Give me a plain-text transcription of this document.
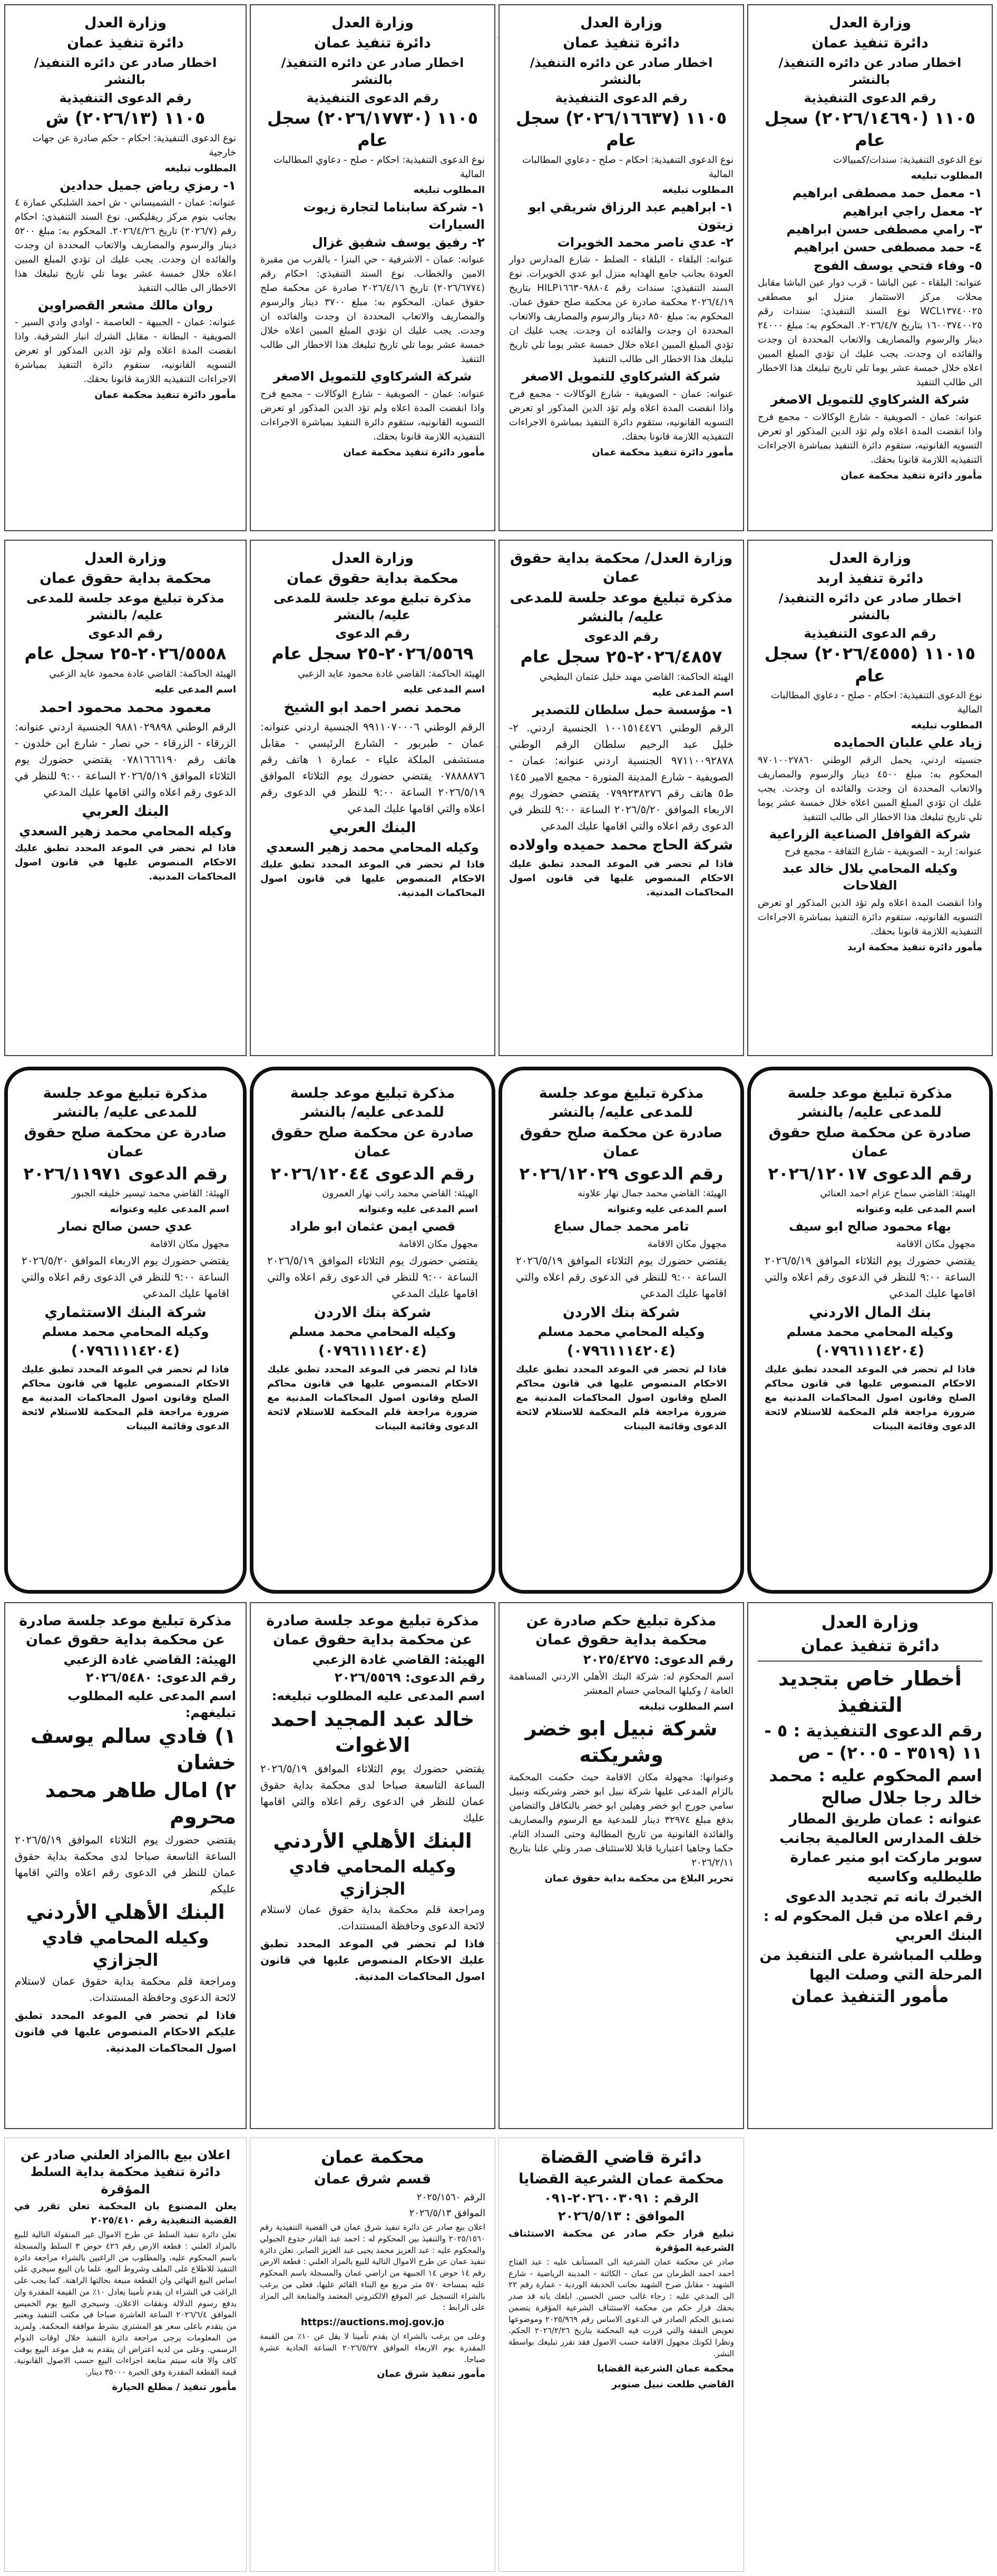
وزارة العدل
دائرة تنفيذ عمان
اخطار صادر عن دائره التنفيذ/ بالنشر
رقم الدعوى التنفيذية
١١٠٥ (٢٠٢٦/١٤٦٩٠) سجل عام
نوع الدعوى التنفيذية: سندات/كمبيالات
المطلوب تبليغه
١- معمل حمد مصطفى ابراهيم
٢- معمل راجي ابراهيم
٣- رامي مصطفى حسن ابراهيم
٤- حمد مصطفى حسن ابراهيم
٥- وفاء فتحي يوسف الفوج
عنوانه: البلقاء - عين الباشا - قرب دوار عين الباشا مقابل محلات مركز الاستثمار منزل ابو مصطفى WCL١٣٧٤٠٠٢٥ نوع السند التنفيذي: سندات رقم ١٦٠٠٣٧٤٠٠٢٥ بتاريخ ٢٠٢٦/٤/٧. المحكوم به: مبلغ ٢٤٠٠٠ دينار والرسوم والمصاريف والاتعاب المحددة ان وجدت والفائده ان وجدت. يجب عليك ان تؤدي المبلغ المبين اعلاه خلال خمسة عشر يوما تلي تاريخ تبليغك هذا الاخطار الى طالب التنفيذ
شركة الشركاوي للتمويل الاصغر
عنوانه: عمان - الصويفية - شارع الوكالات - مجمع فرح واذا انقضت المدة اعلاه ولم تؤد الدين المذكور او تعرض التسويه القانونيه، ستقوم دائرة التنفيذ بمباشرة الاجراءات التنفيذيه اللازمة قانونا بحقك.
مأمور دائرة تنفيذ محكمة عمان
وزارة العدل
دائرة تنفيذ عمان
اخطار صادر عن دائره التنفيذ/ بالنشر
رقم الدعوى التنفيذية
١١٠٥ (٢٠٢٦/١٦٦٣٧) سجل عام
نوع الدعوى التنفيذية: احكام - صلح - دعاوي المطالبات المالية
المطلوب تبليغه
١- ابراهيم عبد الرزاق شريقي ابو زيتون
٢- عدي ناصر محمد الخويرات
عنوانه: البلقاء - البلقاء - الصلط - شارع المدارس دوار العودة بجانب جامع الهدايه منزل ابو عدي الخويرات. نوع السند التنفيذي: سندات رقم HILP١٦٦٣٠٩٨٨٠٤ بتاريخ ٢٠٢٦/٤/١٩ محكمة صادرة عن محكمة صلح حقوق عمان. المحكوم به: مبلغ ٨٥٠ دينار والرسوم والمصاريف والاتعاب المحددة ان وجدت والفائده ان وجدت. يجب عليك ان تؤدي المبلغ المبين اعلاه خلال خمسة عشر يوما تلي تاريخ تبليغك هذا الاخطار الى طالب التنفيذ
شركة الشركاوي للتمويل الاصغر
عنوانه: عمان - الصويفية - شارع الوكالات - مجمع فرح واذا انقضت المدة اعلاه ولم تؤد الدين المذكور او تعرض التسويه القانونيه، ستقوم دائرة التنفيذ بمباشرة الاجراءات التنفيذيه اللازمة قانونا بحقك.
مأمور دائرة تنفيذ محكمة عمان
وزارة العدل
دائرة تنفيذ عمان
اخطار صادر عن دائره التنفيذ/ بالنشر
رقم الدعوى التنفيذية
١١٠٥ (٢٠٢٦/١٧٧٣٠) سجل عام
نوع الدعوى التنفيذية: احكام - صلح - دعاوي المطالبات المالية
المطلوب تبليغه
١- شركة سابناما لتجارة زيوت السيارات
٢- رفيق يوسف شفيق غزال
عنوانه: عمان - الاشرفية - حي البنزا - بالقرب من مقبرة الامين والخطاب. نوع السند التنفيذي: احكام رقم (٢٠٢٦/٦٧٧٤) تاريخ ٢٠٢٦/٤/١٦ صادرة عن محكمة صلح حقوق عمان. المحكوم به: مبلغ ٣٧٠٠ دينار والرسوم والمصاريف والاتعاب المحددة ان وجدت والفائده ان وجدت. يجب عليك ان تؤدي المبلغ المبين اعلاه خلال خمسة عشر يوما تلي تاريخ تبليغك هذا الاخطار الى طالب التنفيذ
شركة الشركاوي للتمويل الاصغر
عنوانه: عمان - الصويفية - شارع الوكالات - مجمع فرح واذا انقضت المدة اعلاه ولم تؤد الدين المذكور او تعرض التسويه القانونيه، ستقوم دائرة التنفيذ بمباشرة الاجراءات التنفيذيه اللازمة قانونا بحقك.
مأمور دائرة تنفيذ محكمة عمان
وزارة العدل
دائرة تنفيذ عمان
اخطار صادر عن دائره التنفيذ/ بالنشر
رقم الدعوى التنفيذية
١١٠٥ (٢٠٢٦/١٣) ش
نوع الدعوى التنفيذية: احكام - حكم صادرة عن جهات خارجية
المطلوب تبليغه
١- رمزي رياض جميل حدادين
عنوانه: عمان - الشميساني - ش احمد الشلبكي عمارة ٤ بجانب بنوم مركز ريفليكس. نوع السند التنفيذي: احكام رقم (٢٠٢٦/٧) تاريخ ٢٠٢٦/٤/٢٦. المحكوم به: مبلغ ٥٢٠٠ دينار والرسوم والمصاريف والاتعاب المحددة ان وجدت والفائده ان وجدت. يجب عليك ان تؤدي المبلغ المبين اعلاه خلال خمسة عشر يوما تلي تاريخ تبليغك هذا الاخطار الى طالب التنفيذ
روان مالك مشعر القصراوين
عنوانه: عمان - الجبيهة - العاصمة - اوادي وادي السير - الصويفية - البطانة - مقابل الشرك انبار الشرقية. واذا انقضت المدة اعلاه ولم تؤد الدين المذكور او تعرض التسويه القانونيه، ستقوم دائرة التنفيذ بمباشرة الاجراءات التنفيذيه اللازمة قانونا بحقك.
مأمور دائرة تنفيذ محكمة عمان
وزارة العدل
دائرة تنفيذ اربد
اخطار صادر عن دائره التنفيذ/ بالنشر
رقم الدعوى التنفيذية
١١٠١٥ (٢٠٢٦/٤٥٥٥) سجل عام
نوع الدعوى التنفيذية: احكام - صلح - دعاوي المطالبات المالية
المطلوب تبليغه
زياد علي علبان الحمايده
جنسيته اردني، يحمل الرقم الوطني ٩٧٠١٠٠٢٧٨٦٠ المحكوم به: مبلغ ٤٥٠٠ دينار والرسوم والمصاريف والاتعاب المحددة ان وجدت والفائده ان وجدت. يجب عليك ان تؤدي المبلغ المبين اعلاه خلال خمسة عشر يوما تلي تاريخ تبليغك هذا الاخطار الى طالب التنفيذ
شركة القوافل الصناعية الزراعية
عنوانه: اربد - الصويفية - شارع الثقافة - مجمع فرح
وكيله المحامي بلال خالد عبد الفلاحات
واذا انقضت المدة اعلاه ولم تؤد الدين المذكور او تعرض التسويه القانونيه، ستقوم دائرة التنفيذ بمباشرة الاجراءات التنفيذيه اللازمة قانونا بحقك.
مأمور دائرة تنفيذ محكمة اربد
وزارة العدل/ محكمة بداية حقوق عمان
مذكرة تبليغ موعد جلسة للمدعى عليه/ بالنشر
رقم الدعوى
٢٠٢٦/٤٨٥٧-٢٥ سجل عام
الهيئة الحاكمة: القاضي مهند خليل عثمان البطيخي
اسم المدعى عليه
١- مؤسسة حمل سلطان للتصدير
الرقم الوطني ١٠٠١٥١٤٤٧٦ الجنسية اردني. ٢- خليل عبد الرحيم سلطان الرقم الوطني ٩٧١١٠٠٩٢٨٧٨ الجنسية اردني عنوانه: عمان - الصويفية - شارع المدينة المنورة - مجمع الامير ١٤٥ ط٥ هاتف رقم ٠٧٩٩٢٣٨٢٧٦ يقتضي حضورك يوم الاربعاء الموافق ٢٠٢٦/٥/٢٠ الساعة ٩:٠٠ للنظر في الدعوى رقم اعلاه والتي اقامها عليك المدعي
شركة الحاج محمد حميده واولاده
فاذا لم تحضر في الموعد المحدد تطبق عليك الاحكام المنصوص عليها في قانون اصول المحاكمات المدنية.
وزارة العدل
محكمة بداية حقوق عمان
مذكرة تبليغ موعد جلسة للمدعى عليه/ بالنشر
رقم الدعوى
٢٠٢٦/٥٥٦٩-٢٥ سجل عام
الهيئة الحاكمة: القاضي غادة محمود عايد الزعبي
اسم المدعى عليه
محمد نصر احمد ابو الشيخ
الرقم الوطني ٩٩١١٠٧٠٠٠٦ الجنسية اردني عنوانه: عمان - طبربور - الشارع الرئيسي - مقابل مستشفى الملكة علياء - عمارة ١ هاتف رقم ٠٧٨٨٨٨٧٦ يقتضي حضورك يوم الثلاثاء الموافق ٢٠٢٦/٥/١٩ الساعة ٩:٠٠ للنظر في الدعوى رقم اعلاه والتي اقامها عليك المدعي
البنك العربي
وكيله المحامي محمد زهير السعدي
فاذا لم تحضر في الموعد المحدد تطبق عليك الاحكام المنصوص عليها في قانون اصول المحاكمات المدنية.
وزارة العدل
محكمة بداية حقوق عمان
مذكرة تبليغ موعد جلسة للمدعى عليه/ بالنشر
رقم الدعوى
٢٠٢٦/٥٥٥٨-٢٥ سجل عام
الهيئة الحاكمة: القاضي غادة محمود عايد الزعبي
اسم المدعى عليه
معمود محمد محمود احمد
الرقم الوطني ٩٨٨١٠٢٩٨٩٨ الجنسية اردني عنوانه: الزرقاء - الزرقاء - حي نصار - شارع ابن خلدون - هاتف رقم ٠٧٨١٦٦٦١٩٠ يقتضي حضورك يوم الثلاثاء الموافق ٢٠٢٦/٥/١٩ الساعة ٩:٠٠ للنظر في الدعوى رقم اعلاه والتي اقامها عليك المدعي
البنك العربي
وكيله المحامي محمد زهير السعدي
فاذا لم تحضر في الموعد المحدد تطبق عليك الاحكام المنصوص عليها في قانون اصول المحاكمات المدنية.
مذكرة تبليغ موعد جلسة للمدعى عليه/ بالنشر
صادرة عن محكمة صلح حقوق عمان
رقم الدعوى ٢٠٢٦/١٢٠١٧
الهيئة: القاضي سماح عزام احمد العنائي
اسم المدعى عليه وعنوانه
بهاء محمود صالح ابو سيف
مجهول مكان الاقامة
يقتضي حضورك يوم الثلاثاء الموافق ٢٠٢٦/٥/١٩ الساعة ٩:٠٠ للنظر في الدعوى رقم اعلاه والتي اقامها عليك المدعي
بنك المال الاردني
وكيله المحامي محمد مسلم
(٠٧٩٦١١١٤٢٠٤)
فاذا لم تحضر في الموعد المحدد تطبق عليك الاحكام المنصوص عليها في قانون محاكم الصلح وقانون اصول المحاكمات المدنية مع ضرورة مراجعة قلم المحكمة للاستلام لائحة الدعوى وقائمة البينات
مذكرة تبليغ موعد جلسة للمدعى عليه/ بالنشر
صادرة عن محكمة صلح حقوق عمان
رقم الدعوى ٢٠٢٦/١٢٠٢٩
الهيئة: القاضي محمد جمال نهار علاونه
اسم المدعى عليه وعنوانه
تامر محمد جمال سباع
مجهول مكان الاقامة
يقتضي حضورك يوم الثلاثاء الموافق ٢٠٢٦/٥/١٩ الساعة ٩:٠٠ للنظر في الدعوى رقم اعلاه والتي اقامها عليك المدعي
شركة بنك الاردن
وكيله المحامي محمد مسلم
(٠٧٩٦١١١٤٢٠٤)
فاذا لم تحضر في الموعد المحدد تطبق عليك الاحكام المنصوص عليها في قانون محاكم الصلح وقانون اصول المحاكمات المدنية مع ضرورة مراجعة قلم المحكمة للاستلام لائحة الدعوى وقائمة البينات
مذكرة تبليغ موعد جلسة للمدعى عليه/ بالنشر
صادرة عن محكمة صلح حقوق عمان
رقم الدعوى ٢٠٢٦/١٢٠٤٤
الهيئة: القاضي محمد راتب نهار العمرون
اسم المدعى عليه وعنوانه
قصي ايمن عثمان ابو طراد
مجهول مكان الاقامة
يقتضي حضورك يوم الثلاثاء الموافق ٢٠٢٦/٥/١٩ الساعة ٩:٠٠ للنظر في الدعوى رقم اعلاه والتي اقامها عليك المدعي
شركة بنك الاردن
وكيله المحامي محمد مسلم
(٠٧٩٦١١١٤٢٠٤)
فاذا لم تحضر في الموعد المحدد تطبق عليك الاحكام المنصوص عليها في قانون محاكم الصلح وقانون اصول المحاكمات المدنية مع ضرورة مراجعة قلم المحكمة للاستلام لائحة الدعوى وقائمة البينات
مذكرة تبليغ موعد جلسة للمدعى عليه/ بالنشر
صادرة عن محكمة صلح حقوق عمان
رقم الدعوى ٢٠٢٦/١١٩٧١
الهيئة: القاضي محمد تيسير خليفه الجبور
اسم المدعى عليه وعنوانه
عدي حسن صالح نصار
مجهول مكان الاقامة
يقتضي حضورك يوم الاربعاء الموافق ٢٠٢٦/٥/٢٠ الساعة ٩:٠٠ للنظر في الدعوى رقم اعلاه والتي اقامها عليك المدعي
شركة البنك الاستثماري
وكيله المحامي محمد مسلم
(٠٧٩٦١١١٤٢٠٤)
فاذا لم تحضر في الموعد المحدد تطبق عليك الاحكام المنصوص عليها في قانون محاكم الصلح وقانون اصول المحاكمات المدنية مع ضرورة مراجعة قلم المحكمة للاستلام لائحة الدعوى وقائمة البينات
وزارة العدل
دائرة تنفيذ عمان
أخطار خاص بتجديد التنفيذ
رقم الدعوى التنفيذية : ٥ - ١١ (٣٥١٩ - ٢٠٠٥) - ص
اسم المحكوم عليه : محمد خالد رجا جلال صالح
عنوانه : عمان طريق المطار خلف المدارس العالمية بجانب سوبر ماركت ابو منير عمارة طليطليه وكاسيه
الخبرك بانه تم تجديد الدعوى رقم اعلاه من قبل المحكوم له : البنك العربي
وطلب المباشرة على التنفيذ من المرحلة التي وصلت اليها
مأمور التنفيذ عمان
مذكرة تبليغ حكم صادرة عن محكمة بداية حقوق عمان
رقم الدعوى: ٢٠٢٥/٤٢٧٥
اسم المحكوم له: شركة البنك الأهلي الاردني المساهمة العامة / وكيلها المحامي حسام المعشر
اسم المطلوب تبليغه
شركة نبيل ابو خضر وشريكته
وعنوانها: مجهولة مكان الاقامة حيث حكمت المحكمة بالزام المدعى عليها شركة نبيل ابو خضر وشريكته ونبيل سامي جورج ابو خضر وهيلين ابو خضر بالتكافل والتضامن بدفع مبلغ ٣٢٩٧٤ دينار للمدعية مع الرسوم والمصاريف والفائدة القانونية من تاريخ المطالبة وحتى السداد التام. حكما وجاهيا اعتباريا قابلا للاستئناف صدر وتلي علنا بتاريخ ٢٠٢٦/٢/١١
تحرير البلاغ من محكمة بداية حقوق عمان
مذكرة تبليغ موعد جلسة صادرة عن محكمة بداية حقوق عمان
الهيئة: القاضي غادة الزعبي
رقم الدعوى: ٢٠٢٦/٥٥٦٩
اسم المدعى عليه المطلوب تبليغه:
خالد عبد المجيد احمد الاغوات
يقتضي حضورك يوم الثلاثاء الموافق ٢٠٢٦/٥/١٩ الساعة التاسعة صباحا لدى محكمة بداية حقوق عمان للنظر في الدعوى رقم اعلاه والتي اقامها عليك
البنك الأهلي الأردني
وكيله المحامي فادي الجزازي
ومراجعة قلم محكمة بداية حقوق عمان لاستلام لائحة الدعوى وحافظة المستندات.
فاذا لم تحضر في الموعد المحدد تطبق عليك الاحكام المنصوص عليها في قانون اصول المحاكمات المدنية.
مذكرة تبليغ موعد جلسة صادرة عن محكمة بداية حقوق عمان
الهيئة: القاضي غادة الزعبي
رقم الدعوى: ٢٠٢٦/٥٤٨٠
اسم المدعى عليه المطلوب تبليغهم:
١) فادي سالم يوسف خشان
٢) امال طاهر محمد محروم
يقتضي حضورك يوم الثلاثاء الموافق ٢٠٢٦/٥/١٩ الساعة التاسعة صباحا لدى محكمة بداية حقوق عمان للنظر في الدعوى رقم اعلاه والتي اقامها عليكم
البنك الأهلي الأردني
وكيله المحامي فادي الجزازي
ومراجعة قلم محكمة بداية حقوق عمان لاستلام لائحة الدعوى وحافظة المستندات.
فاذا لم تحضر في الموعد المحدد تطبق عليكم الاحكام المنصوص عليها في قانون اصول المحاكمات المدنية.
دائرة قاضي القضاة
محكمة عمان الشرعية القضايا
الرقم : ٢٠٢٦٠٠٣٠٩١-٠٩١
الموافق : ٢٠٢٦/٥/١٣
تبليغ قرار حكم صادر عن محكمة الاستئناف الشرعية المؤقرة
صادر عن محكمة عمان الشرعية الى المستأنف عليه : عبد الفتاح احمد احمد الطرمان من عمان - الكائنة - المدينة الرياضية - شارع الشهيد - مقابل صرح الشهيد بجانب الحديقة الوردية - عمارة رقم ٢٢ الى المدعي عليه : رجاء غالب حسن الحسين. ابلغك بانه قد صدر بحقك قرار حكم من محكمة الاستئناف الشرعية المؤقرة يتضمن تصديق الحكم الصادر في الدعوى الاساس رقم ٢٠٢٥/٩٦٩ وموضوعها تعويض النفقة والتي قررت فيه المحكمة بتاريخ ٢٠٢٦/٢/٢٦ الحكم. ونظرا لكونك مجهول الاقامة حسب الاصول فقد تقرر تبليغك بواسطة النشر.
محكمة عمان الشرعية القضايا
القاضي طلعت نبيل صنوبر
محكمة عمان
قسم شرق عمان
الرقم ٢٠٢٥/١٥٦٠
الموافق ٢٠٢٦/٥/١٣
اعلان بيع صادر عن دائرة تنفيذ شرق عمان في القضية التنفيذية رقم ٢٠٢٥/١٥٦٠ والتنفيذ بين المحكوم له : احمد عبد القادر جذوع الجبولي والمحكوم عليه : عبد العزيز محمد يحيى عبد العزيز الصابر. تعلن دائرة تنفيذ عمان عن طرح الاموال التالية للبيع بالمزاد العلني : قطعة الارض رقم ١٤ حوض ١٤ الجبيهة من اراضي عمان والمسجلة باسم المحكوم عليه بمساحة ٥٧٠ متر مربع مع البناء القائم عليها، فعلى من يرغب بالشراء التسجيل عبر الموقع الالكتروني المعتمد والمتابعة الى المزاد على الرابط :
https://auctions.moj.gov.jo
وعلى من يرغب بالشراء ان يقدم تأمينا لا يقل عن ١٠٪ من القيمة المقدرة يوم الاربعاء الموافق ٢٠٢٦/٥/٢٧ الساعة الحادية عشرة صباحا.
مأمور تنفيذ شرق عمان
اعلان بيع باالمزاد العلني صادر عن دائرة تنفيذ محكمة بداية السلط المؤقرة
يعلن المصنوع بان المحكمة تعلن تقرر في القضية التنفيذية رقم ٢٠٢٥/٤١٠
تعلن دائرة تنفيذ السلط عن طرح الاموال غير المنقولة التالية للبيع بالمزاد العلني : قطعة الارض رقم ٤٢٦ حوض ٣ السلط والمسجلة باسم المحكوم عليه، والمطلوب من الراغبين بالشراء مراجعة دائرة التنفيذ للاطلاع على الملف وشروط البيع، علما بان البيع سيجري على اساس البيع النهائي وان القطعة مبيعة بحالتها الراهنة. كما يجب على الراغب في الشراء ان يقدم تأمينا يعادل ١٠٪ من القيمة المقدرة وان يدفع رسوم الدلالة ونفقات الاعلان. وسيجري البيع يوم الخميس الموافق ٢٠٢٦/٦/٤ الساعة العاشرة صباحا في مكتب التنفيذ ويعتبر من يتقدم باعلى سعر هو المشتري بشرط موافقة المحكمة. ولمزيد من المعلومات يرجى مراجعة دائرة التنفيذ خلال اوقات الدوام الرسمي. وعلى من لديه اعتراض ان يتقدم به قبل موعد البيع بوقت كاف والا فانه سيتم متابعة اجراءات البيع حسب الاصول القانونية. قيمة القطعة المقدرة وفق الخبرة ٣٥٠٠٠ دينار.
مأمور تنفيذ / مطلع الحيارة
